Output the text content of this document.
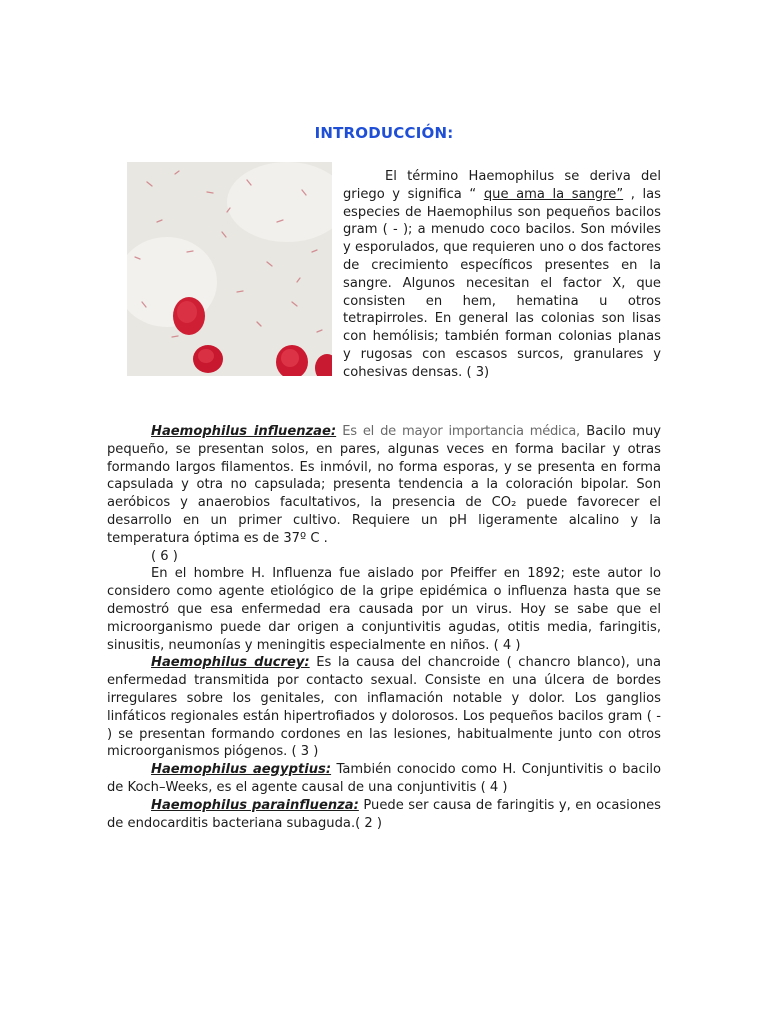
INTRODUCCIÓN:

El término Haemophilus se deriva del griego y significa “ que ama la sangre” , las especies de Haemophilus son pequeños bacilos gram ( - ); a menudo coco bacilos. Son móviles y esporulados, que requieren uno o dos factores de crecimiento específicos presentes en la sangre. Algunos necesitan el factor X, que consisten en hem, hematina u otros tetrapirroles. En general las colonias son lisas con hemólisis; también forman colonias planas y rugosas con escasos surcos, granulares y cohesivas densas. ( 3)

Haemophilus influenzae: Es el de mayor importancia médica, Bacilo muy pequeño, se presentan solos, en pares, algunas veces en forma bacilar y otras formando largos filamentos. Es inmóvil, no forma esporas, y se presenta en forma capsulada y otra no capsulada; presenta tendencia a la coloración bipolar. Son aeróbicos y anaerobios facultativos, la presencia de CO₂ puede favorecer el desarrollo en un primer cultivo. Requiere un pH ligeramente alcalino y la temperatura óptima es de 37º C .

( 6 )

En el hombre H. Influenza fue aislado por Pfeiffer en 1892; este autor lo considero como agente etiológico de la gripe epidémica o influenza hasta que se demostró que esa enfermedad era causada por un virus. Hoy se sabe que el microorganismo puede dar origen a conjuntivitis agudas, otitis media, faringitis, sinusitis, neumonías y meningitis especialmente en niños. ( 4 )

Haemophilus ducrey: Es la causa del chancroide ( chancro blanco), una enfermedad transmitida por contacto sexual. Consiste en una úlcera de bordes irregulares sobre los genitales, con inflamación notable y dolor. Los ganglios linfáticos regionales están hipertrofiados y dolorosos. Los pequeños bacilos gram ( - ) se presentan formando cordones en las lesiones, habitualmente junto con otros microorganismos piógenos. ( 3 )

Haemophilus aegyptius: También conocido como H. Conjuntivitis o bacilo de Koch–Weeks, es el agente causal de una conjuntivitis ( 4 )

Haemophilus parainfluenza: Puede ser causa de faringitis y, en ocasiones de endocarditis bacteriana subaguda.( 2 )
